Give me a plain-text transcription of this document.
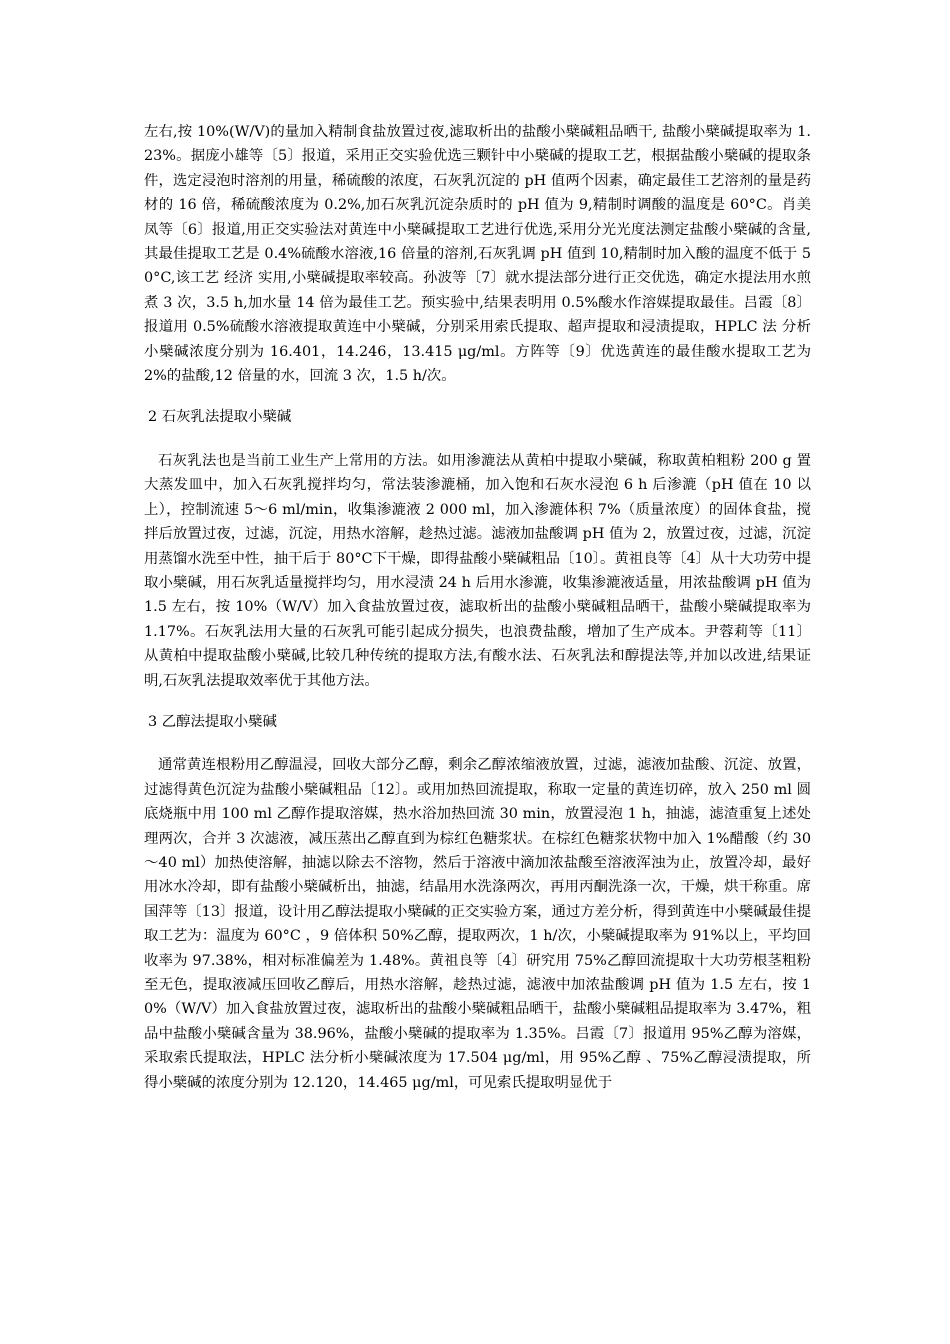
左右,按 10%(W/V)的量加入精制食盐放置过夜,滤取析出的盐酸小檗碱粗品晒干, 盐酸小檗碱提取率为 1.23%。据庞小雄等〔5〕报道，采用正交实验优选三颗针中小檗碱的提取工艺，根据盐酸小檗碱的提取条件，选定浸泡时溶剂的用量，稀硫酸的浓度，石灰乳沉淀的 pH 值两个因素，确定最佳工艺溶剂的量是药材的 16 倍，稀硫酸浓度为 0.2%,加石灰乳沉淀杂质时的 pH 值为 9,精制时调酸的温度是 60°C。肖美凤等〔6〕报道,用正交实验法对黄连中小檗碱提取工艺进行优选,采用分光光度法测定盐酸小檗碱的含量,其最佳提取工艺是 0.4%硫酸水溶液,16 倍量的溶剂,石灰乳调 pH 值到 10,精制时加入酸的温度不低于 50°C,该工艺 经济 实用,小檗碱提取率较高。孙波等〔7〕就水提法部分进行正交优选，确定水提法用水煎煮 3 次，3.5 h,加水量 14 倍为最佳工艺。预实验中,结果表明用 0.5%酸水作溶媒提取最佳。吕霞〔8〕报道用 0.5%硫酸水溶液提取黄连中小檗碱，分别采用索氏提取、超声提取和浸渍提取，HPLC 法 分析 小檗碱浓度分别为 16.401，14.246，13.415 μg/ml。方阵等〔9〕优选黄连的最佳酸水提取工艺为 2%的盐酸,12 倍量的水，回流 3 次，1.5 h/次。

2 石灰乳法提取小檗碱

石灰乳法也是当前工业生产上常用的方法。如用渗漉法从黄柏中提取小檗碱，称取黄柏粗粉 200 g 置大蒸发皿中，加入石灰乳搅拌均匀，常法装渗漉桶，加入饱和石灰水浸泡 6 h 后渗漉（pH 值在 10 以上），控制流速 5～6 ml/min，收集渗漉液 2 000 ml，加入渗漉体积 7%（质量浓度）的固体食盐，搅拌后放置过夜，过滤，沉淀，用热水溶解，趁热过滤。滤液加盐酸调 pH 值为 2，放置过夜，过滤，沉淀用蒸馏水洗至中性，抽干后于 80°C下干燥，即得盐酸小檗碱粗品〔10〕。黄祖良等〔4〕从十大功劳中提取小檗碱，用石灰乳适量搅拌均匀，用水浸渍 24 h 后用水渗漉，收集渗漉液适量，用浓盐酸调 pH 值为 1.5 左右，按 10%（W/V）加入食盐放置过夜，滤取析出的盐酸小檗碱粗品晒干，盐酸小檗碱提取率为 1.17%。石灰乳法用大量的石灰乳可能引起成分损失，也浪费盐酸，增加了生产成本。尹蓉莉等〔11〕从黄柏中提取盐酸小檗碱,比较几种传统的提取方法,有酸水法、石灰乳法和醇提法等,并加以改进,结果证明,石灰乳法提取效率优于其他方法。

3 乙醇法提取小檗碱

通常黄连根粉用乙醇温浸，回收大部分乙醇，剩余乙醇浓缩液放置，过滤，滤液加盐酸、沉淀、放置，过滤得黄色沉淀为盐酸小檗碱粗品〔12〕。或用加热回流提取，称取一定量的黄连切碎，放入 250 ml 圆底烧瓶中用 100 ml 乙醇作提取溶媒，热水浴加热回流 30 min，放置浸泡 1 h，抽滤，滤渣重复上述处理两次，合并 3 次滤液，减压蒸出乙醇直到为棕红色糖浆状。在棕红色糖浆状物中加入 1%醋酸（约 30～40 ml）加热使溶解，抽滤以除去不溶物，然后于溶液中滴加浓盐酸至溶液浑浊为止，放置冷却，最好用冰水冷却，即有盐酸小檗碱析出，抽滤，结晶用水洗涤两次，再用丙酮洗涤一次，干燥，烘干称重。席国萍等〔13〕报道，设计用乙醇法提取小檗碱的正交实验方案，通过方差分析，得到黄连中小檗碱最佳提取工艺为：温度为 60°C ，9 倍体积 50%乙醇，提取两次，1 h/次，小檗碱提取率为 91%以上，平均回收率为 97.38%，相对标准偏差为 1.48%。黄祖良等〔4〕研究用 75%乙醇回流提取十大功劳根茎粗粉至无色，提取液减压回收乙醇后，用热水溶解，趁热过滤，滤液中加浓盐酸调 pH 值为 1.5 左右，按 10%（W/V）加入食盐放置过夜，滤取析出的盐酸小檗碱粗品晒干，盐酸小檗碱粗品提取率为 3.47%，粗品中盐酸小檗碱含量为 38.96%，盐酸小檗碱的提取率为 1.35%。吕霞〔7〕报道用 95%乙醇为溶媒，采取索氏提取法，HPLC 法分析小檗碱浓度为 17.504 μg/ml，用 95%乙醇 、75%乙醇浸渍提取，所得小檗碱的浓度分别为 12.120，14.465 μg/ml，可见索氏提取明显优于
